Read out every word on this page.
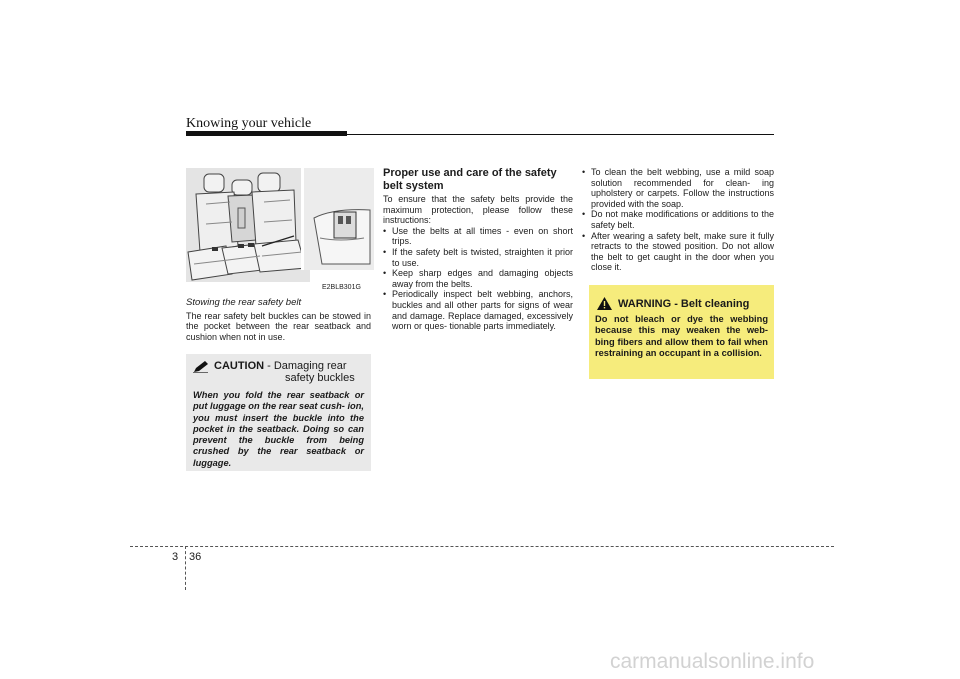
Knowing your vehicle
E2BLB301G

Stowing the rear safety belt

The rear safety belt buckles can be stowed in the pocket between the rear seatback and cushion when not in use.

CAUTION - Damaging rear
safety buckles
When you fold the rear seatback or put luggage on the rear seat cush- ion, you must insert the buckle into the pocket in the seatback. Doing so can prevent the buckle from being crushed by the rear seatback or luggage.

Proper use and care of the safety belt system

To ensure that the safety belts provide the maximum protection, please follow these instructions:

• Use the belts at all times - even on short trips.
• If the safety belt is twisted, straighten it prior to use.
• Keep sharp edges and damaging objects away from the belts.
• Periodically inspect belt webbing, anchors, buckles and all other parts for signs of wear and damage. Replace damaged, excessively worn or ques- tionable parts immediately.
• To clean the belt webbing, use a mild soap solution recommended for clean- ing upholstery or carpets. Follow the instructions provided with the soap.
• Do not make modifications or additions to the safety belt.
• After wearing a safety belt, make sure it fully retracts to the stowed position. Do not allow the belt to get caught in the door when you close it.
WARNING - Belt cleaning
Do not bleach or dye the webbing because this may weaken the web- bing fibers and allow them to fail when restraining an occupant in a collision.
3 36
carmanualsonline.info
